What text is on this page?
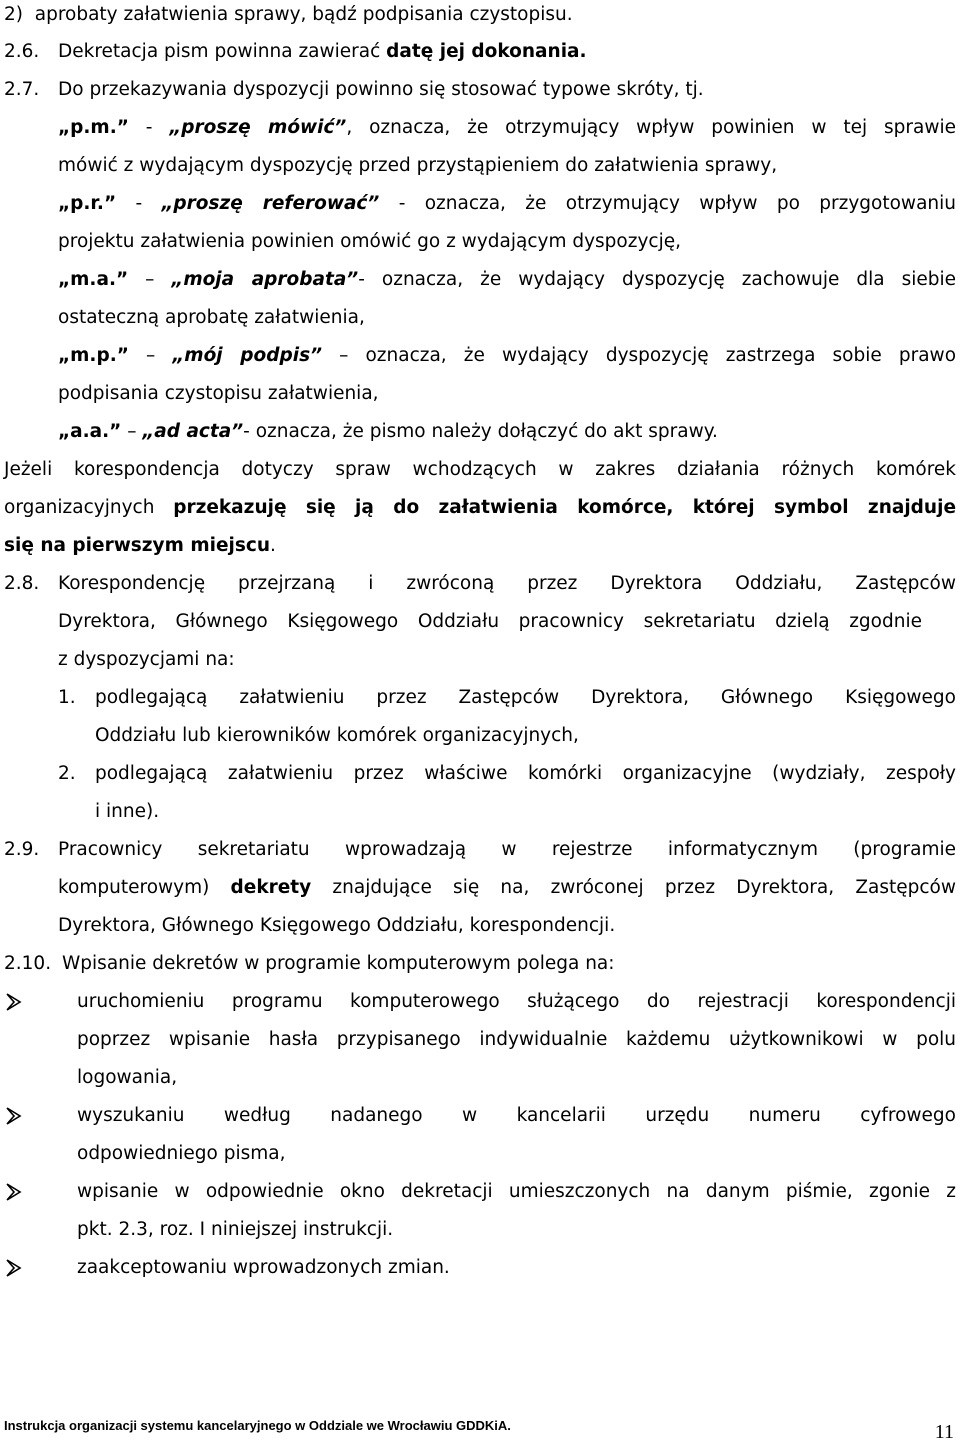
2)  aprobaty załatwienia sprawy, bądź podpisania czystopisu.
2.6. Dekretacja pism powinna zawierać datę jej dokonania.
2.7. Do przekazywania dyspozycji powinno się stosować typowe skróty, tj.
„p.m.” - „proszę mówić”, oznacza, że otrzymujący wpływ powinien w tej sprawie
mówić z wydającym dyspozycję przed przystąpieniem do załatwienia sprawy,
„p.r.” - „proszę referować” - oznacza, że otrzymujący wpływ po przygotowaniu
projektu załatwienia powinien omówić go z wydającym dyspozycję,
„m.a.” – „moja aprobata”- oznacza, że wydający dyspozycję zachowuje dla siebie
ostateczną aprobatę załatwienia,
„m.p.” – „mój podpis” – oznacza, że wydający dyspozycję zastrzega sobie prawo
podpisania czystopisu załatwienia,
„a.a.” – „ad acta”- oznacza, że pismo należy dołączyć do akt sprawy.
Jeżeli korespondencja dotyczy spraw wchodzących w zakres działania różnych komórek
organizacyjnych przekazuję się ją do załatwienia komórce, której symbol znajduje
się na pierwszym miejscu.
2.8. Korespondencję przejrzaną i zwróconą przez Dyrektora Oddziału, Zastępców
Dyrektora, Głównego Księgowego Oddziału pracownicy sekretariatu dzielą zgodnie
z dyspozycjami na:
1. podlegającą załatwieniu przez Zastępców Dyrektora, Głównego Księgowego
Oddziału lub kierowników komórek organizacyjnych,
2. podlegającą załatwieniu przez właściwe komórki organizacyjne (wydziały, zespoły
i inne).
2.9. Pracownicy sekretariatu wprowadzają w rejestrze informatycznym (programie
komputerowym) dekrety znajdujące się na, zwróconej przez Dyrektora, Zastępców
Dyrektora, Głównego Księgowego Oddziału, korespondencji.
2.10. Wpisanie dekretów w programie komputerowym polega na:
uruchomieniu programu komputerowego służącego do rejestracji korespondencji
poprzez wpisanie hasła przypisanego indywidualnie każdemu użytkownikowi w polu
logowania,
wyszukaniu według nadanego w kancelarii urzędu numeru cyfrowego
odpowiedniego pisma,
wpisanie w odpowiednie okno dekretacji umieszczonych na danym piśmie, zgonie z
pkt. 2.3, roz. I niniejszej instrukcji.
zaakceptowaniu wprowadzonych zmian.
Instrukcja organizacji systemu kancelaryjnego w Oddziale we Wrocławiu GDDKiA.	11
